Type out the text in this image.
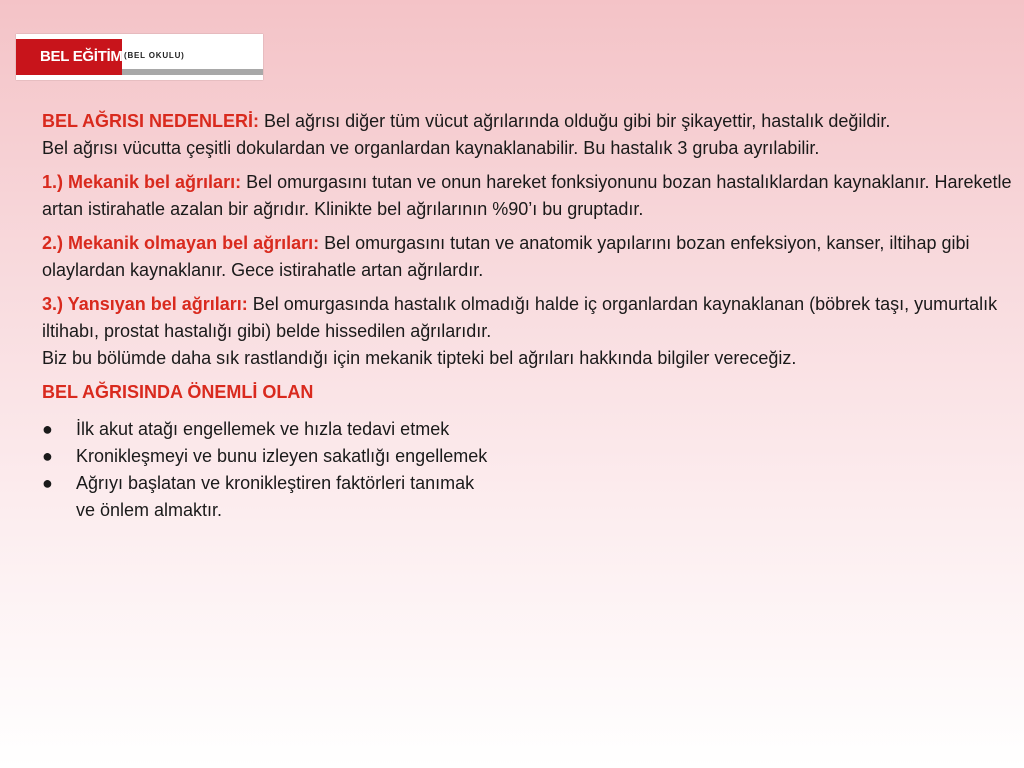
BEL EĞİTİMİ
(BEL OKULU)

BEL AĞRISI NEDENLERİ: Bel ağrısı diğer tüm vücut ağrılarında olduğu gibi bir şikayettir, hastalık değildir.
Bel ağrısı vücutta çeşitli dokulardan ve organlardan kaynaklanabilir. Bu hastalık 3 gruba ayrılabilir.

1.) Mekanik bel ağrıları: Bel omurgasını tutan ve onun hareket fonksiyonunu bozan hastalıklardan kaynaklanır. Hareketle artan istirahatle azalan bir ağrıdır. Klinikte bel ağrılarının %90’ı bu gruptadır.

2.) Mekanik olmayan bel ağrıları: Bel omurgasını tutan ve anatomik yapılarını bozan enfeksiyon, kanser, iltihap gibi olaylardan kaynaklanır. Gece istirahatle artan ağrılardır.

3.) Yansıyan bel ağrıları: Bel omurgasında hastalık olmadığı halde iç organlardan kaynaklanan (böbrek taşı, yumurtalık iltihabı, prostat hastalığı gibi) belde hissedilen ağrılarıdır.
Biz bu bölümde daha sık rastlandığı için mekanik tipteki bel ağrıları hakkında bilgiler vereceğiz.

BEL AĞRISINDA ÖNEMLİ OLAN

● İlk akut atağı engellemek ve hızla tedavi etmek
● Kronikleşmeyi ve bunu izleyen sakatlığı engellemek
● Ağrıyı başlatan ve kronikleştiren faktörleri tanımak
ve önlem almaktır.
